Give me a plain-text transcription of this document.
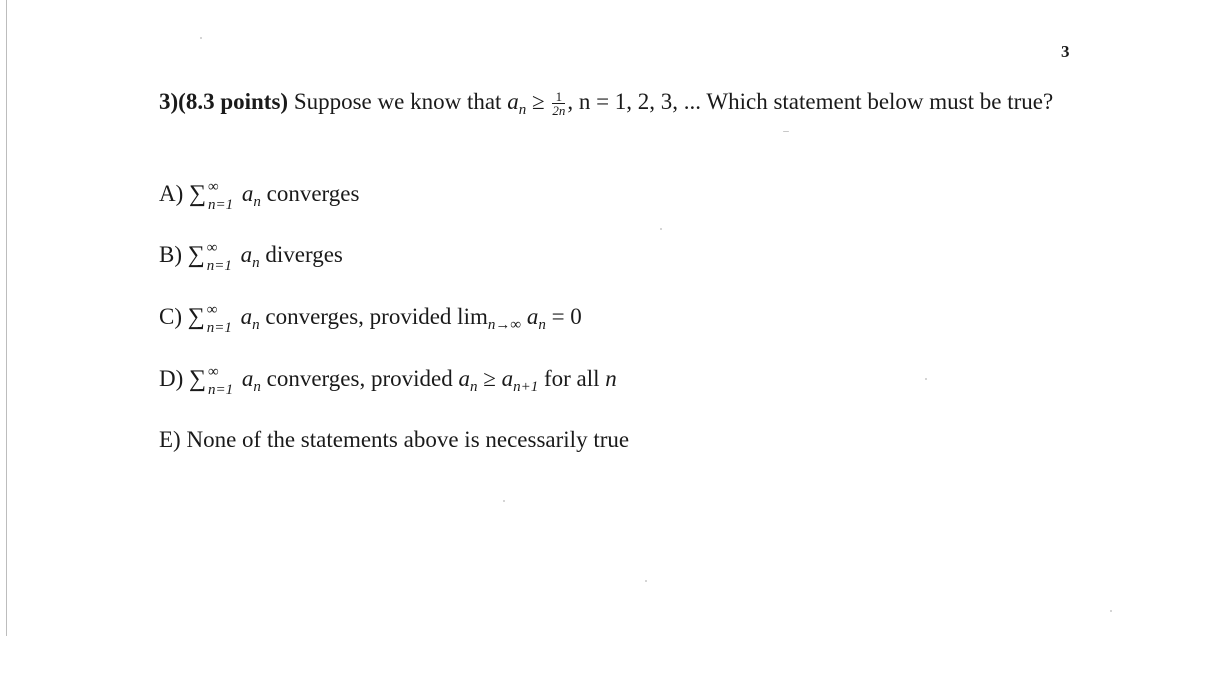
3
3)(8.3 points) Suppose we know that $a_n \ge \frac{1}{2n}$ , n = 1, 2, 3, ... Which statement below must be true?
A) ∑ ∞
n=1 $a_n$ converges
B) ∑ ∞
n=1 $a_n$ diverges
C) ∑ ∞
n=1 $a_n$ converges, provided $\lim_{n\to\infty} a_n = 0$
D) ∑ ∞
n=1 $a_n$ converges, provided $a_n \ge a_{n+1}$ for all n
E) None of the statements above is necessarily true
